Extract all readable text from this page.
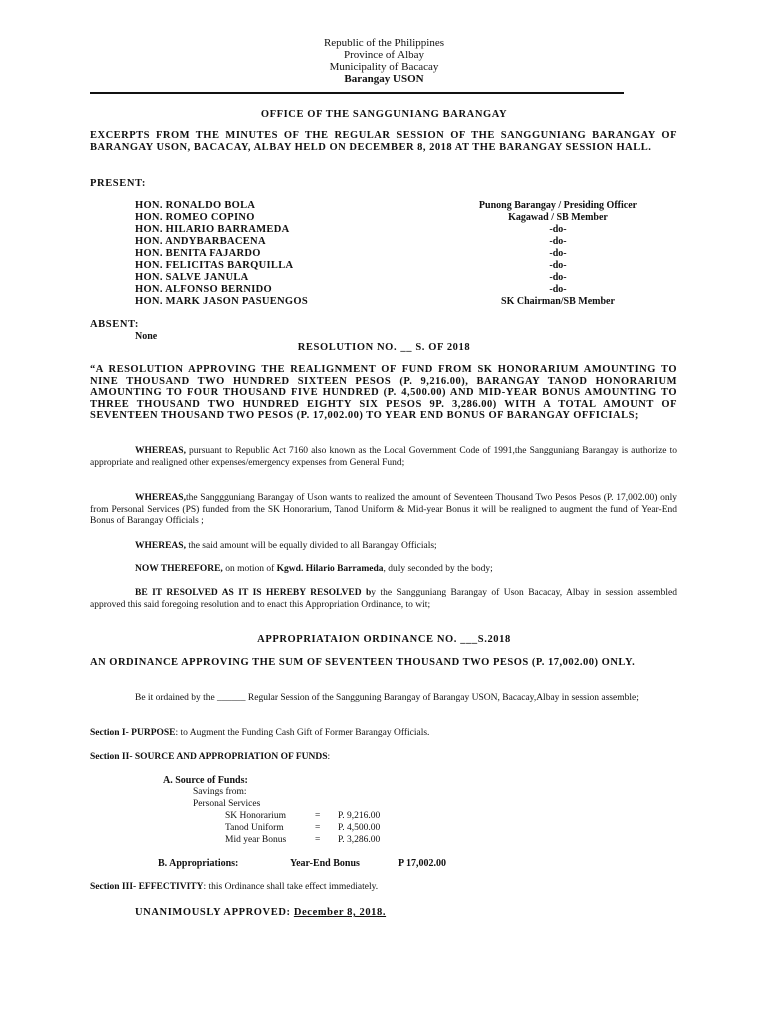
Republic of the Philippines
Province of Albay
Municipality of Bacacay
Barangay USON
OFFICE OF THE SANGGUNIANG BARANGAY
EXCERPTS FROM THE MINUTES OF THE REGULAR SESSION OF THE SANGGUNIANG BARANGAY OF BARANGAY USON, BACACAY, ALBAY HELD ON DECEMBER 8, 2018 AT THE BARANGAY SESSION HALL.
PRESENT:
HON. RONALDO BOLA	Punong Barangay / Presiding Officer
HON. ROMEO COPINO	Kagawad / SB Member
HON. HILARIO BARRAMEDA	-do-
HON. ANDYBARBACENA	-do-
HON. BENITA FAJARDO	-do-
HON. FELICITAS BARQUILLA	-do-
HON. SALVE JANULA	-do-
HON. ALFONSO BERNIDO	-do-
HON. MARK JASON PASUENGOS	SK Chairman/SB Member
ABSENT:
None
RESOLUTION NO. __ S. OF 2018
“A RESOLUTION APPROVING THE REALIGNMENT OF FUND FROM SK HONORARIUM AMOUNTING TO NINE THOUSAND TWO HUNDRED SIXTEEN PESOS (P. 9,216.00), BARANGAY TANOD HONORARIUM AMOUNTING TO FOUR THOUSAND FIVE HUNDRED (P. 4,500.00) AND MID-YEAR BONUS AMOUNTING TO THREE THOUSAND TWO HUNDRED EIGHTY SIX PESOS 9P. 3,286.00) WITH A TOTAL AMOUNT OF SEVENTEEN THOUSAND TWO PESOS (P. 17,002.00) TO YEAR END BONUS OF BARANGAY OFFICIALS;
WHEREAS, pursuant to Republic Act 7160 also known as the Local Government Code of 1991,the Sangguniang Barangay is authorize to appropriate and realigned other expenses/emergency expenses from General Fund;
WHEREAS,the Sanggguniang Barangay of Uson wants to realized the amount of Seventeen Thousand Two Pesos Pesos (P. 17,002.00) only from Personal Services (PS) funded from the SK Honorarium, Tanod Uniform & Mid-year Bonus it will be realigned to augment the fund of Year-End Bonus of Barangay Officials ;
WHEREAS, the said amount will be equally divided to all Barangay Officials;
NOW THEREFORE, on motion of Kgwd. Hilario Barrameda, duly seconded by the body;
BE IT RESOLVED AS IT IS HEREBY RESOLVED by the Sangguniang Barangay of Uson Bacacay, Albay in session assembled approved this said foregoing resolution and to enact this Appropriation Ordinance, to wit;
APPROPRIATAION ORDINANCE NO. ___S.2018
AN ORDINANCE APPROVING THE SUM OF SEVENTEEN THOUSAND TWO PESOS (P. 17,002.00) ONLY.
Be it ordained by the ______ Regular Session of the Sangguning Barangay of Barangay USON, Bacacay,Albay in session assemble;
Section I- PURPOSE: to Augment the Funding Cash Gift of Former Barangay Officials.
Section II- SOURCE AND APPROPRIATION OF FUNDS:
A. Source of Funds:
Savings from:
Personal Services
SK Honorarium	= P. 9,216.00
Tanod Uniform	= P. 4,500.00
Mid year Bonus	= P. 3,286.00
B. Appropriations:	Year-End Bonus	P 17,002.00
Section III- EFFECTIVITY: this Ordinance shall take effect immediately.
UNANIMOUSLY APPROVED: December 8, 2018.
